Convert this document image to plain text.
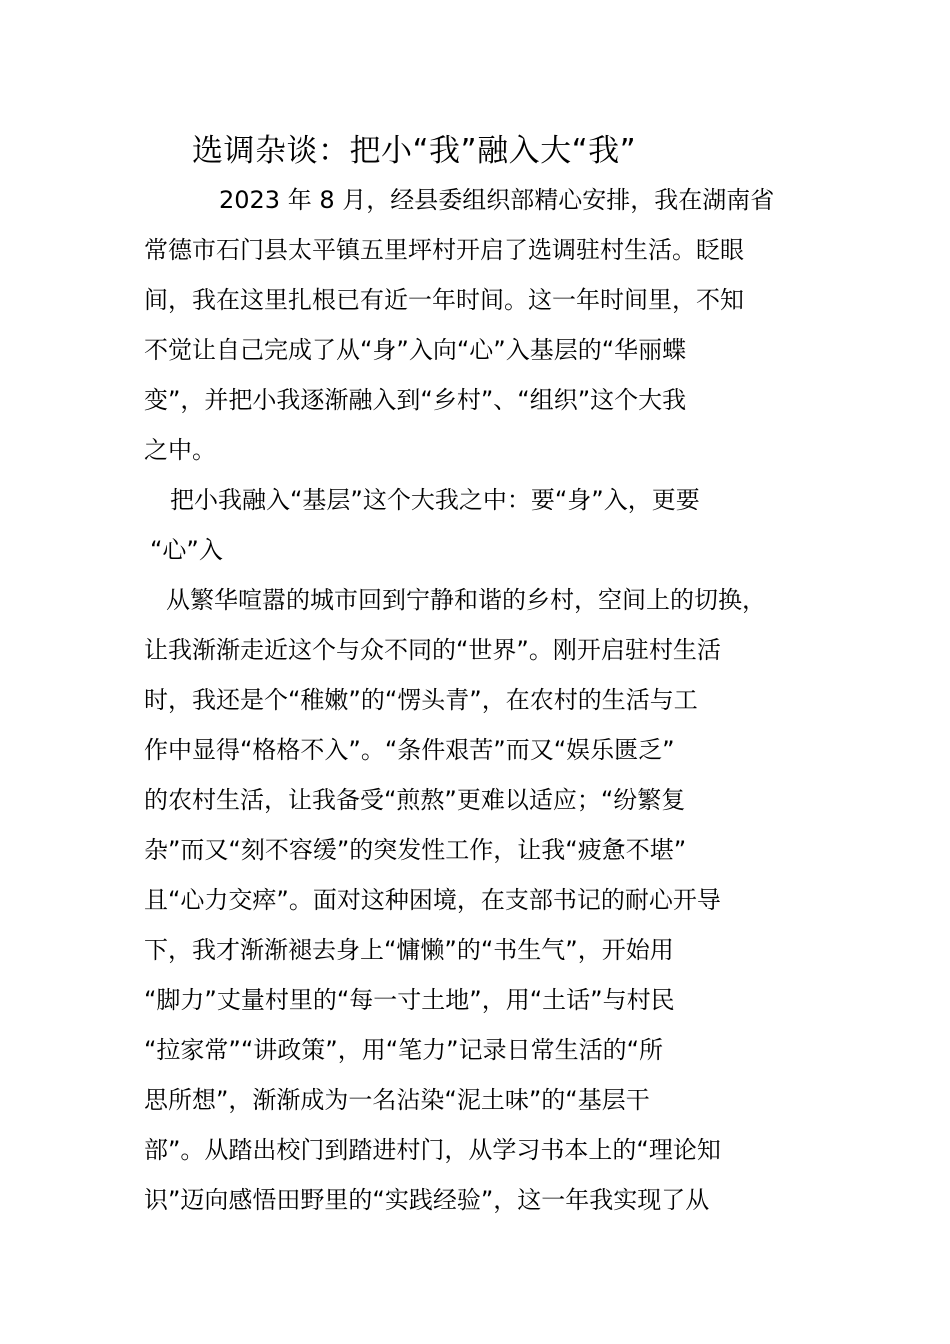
选调杂谈：把小“我”融入大“我”
2023 年 8 月，经县委组织部精心安排，我在湖南省
常德市石门县太平镇五里坪村开启了选调驻村生活。眨眼
间，我在这里扎根已有近一年时间。这一年时间里，不知
不觉让自己完成了从“身”入向“心”入基层的“华丽蝶
变”，并把小我逐渐融入到“乡村”、“组织”这个大我
之中。
把小我融入“基层”这个大我之中：要“身”入，更要
“心”入
从繁华喧嚣的城市回到宁静和谐的乡村，空间上的切换，
让我渐渐走近这个与众不同的“世界”。刚开启驻村生活
时，我还是个“稚嫩”的“愣头青”，在农村的生活与工
作中显得“格格不入”。“条件艰苦”而又“娱乐匮乏”
的农村生活，让我备受“煎熬”更难以适应；“纷繁复
杂”而又“刻不容缓”的突发性工作，让我“疲惫不堪”
且“心力交瘁”。面对这种困境，在支部书记的耐心开导
下，我才渐渐褪去身上“慵懒”的“书生气”，开始用
“脚力”丈量村里的“每一寸土地”，用“土话”与村民
“拉家常”“讲政策”，用“笔力”记录日常生活的“所
思所想”，渐渐成为一名沾染“泥土味”的“基层干
部”。从踏出校门到踏进村门，从学习书本上的“理论知
识”迈向感悟田野里的“实践经验”，这一年我实现了从
